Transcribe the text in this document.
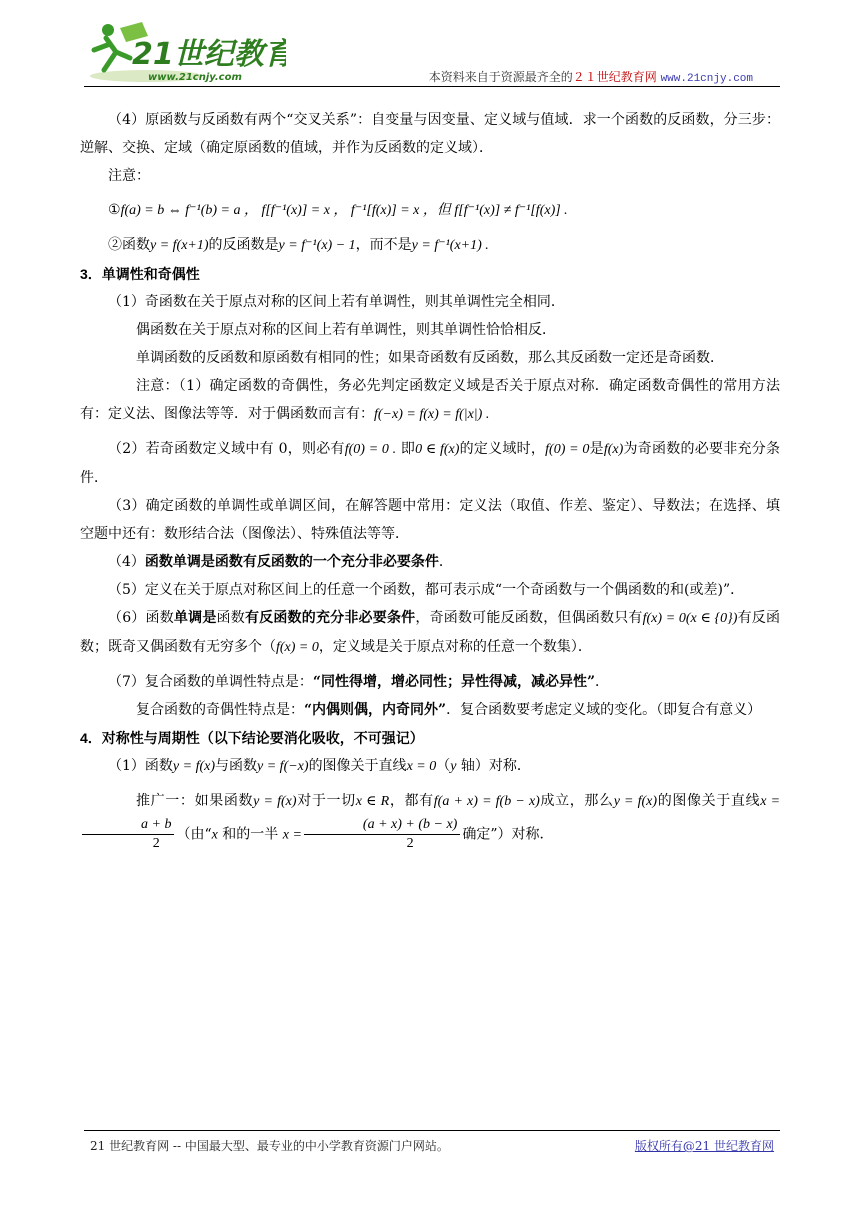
21世纪教育
www.21cnjy.com	本资料来自于资源最齐全的２１世纪教育网 www.21cnjy.com

（4）原函数与反函数有两个“交叉关系”：自变量与因变量、定义域与值域．求一个函数的反函数，分三步：逆解、交换、定域（确定原函数的值域，并作为反函数的定义域）．

注意：

①f(a) = b ⇔ f⁻¹(b) = a ， f[f⁻¹(x)] = x ， f⁻¹[f(x)] = x ，但 f[f⁻¹(x)] ≠ f⁻¹[f(x)] .

②函数y = f(x+1)的反函数是y = f⁻¹(x) − 1，而不是y = f⁻¹(x+1) .

3．单调性和奇偶性

（1）奇函数在关于原点对称的区间上若有单调性，则其单调性完全相同．

偶函数在关于原点对称的区间上若有单调性，则其单调性恰恰相反．

单调函数的反函数和原函数有相同的性；如果奇函数有反函数，那么其反函数一定还是奇函数．

注意：（1）确定函数的奇偶性，务必先判定函数定义域是否关于原点对称．确定函数奇偶性的常用方法有：定义法、图像法等等．对于偶函数而言有：f(−x) = f(x) = f(|x|) .

（2）若奇函数定义域中有 0，则必有f(0) = 0 . 即0 ∈ f(x)的定义域时，f(0) = 0是f(x)为奇函数的必要非充分条件．

（3）确定函数的单调性或单调区间，在解答题中常用：定义法（取值、作差、鉴定）、导数法；在选择、填空题中还有：数形结合法（图像法）、特殊值法等等．

（4）函数单调是函数有反函数的一个充分非必要条件．

（5）定义在关于原点对称区间上的任意一个函数，都可表示成“一个奇函数与一个偶函数的和(或差)”．

（6）函数单调是函数有反函数的充分非必要条件，奇函数可能反函数，但偶函数只有f(x) = 0(x ∈ {0})有反函数；既奇又偶函数有无穷多个（f(x) = 0，定义域是关于原点对称的任意一个数集）．

（7）复合函数的单调性特点是：“同性得增，增必同性；异性得减，减必异性”．

复合函数的奇偶性特点是：“内偶则偶，内奇同外”．复合函数要考虑定义域的变化。（即复合有意义）

4．对称性与周期性（以下结论要消化吸收，不可强记）

（1）函数y = f(x)与函数y = f(−x)的图像关于直线x = 0（y 轴）对称．

推广一：如果函数y = f(x)对于一切x ∈ R，都有f(a + x) = f(b − x)成立，那么y = f(x)的图像关于直线x =
$\frac{a + b}{2}$ （由“x 和的一半 $x = \frac{(a + x) + (b - x)}{2}$ 确定”）对称．

21 世纪教育网 -- 中国最大型、最专业的中小学教育资源门户网站。	版权所有@21 世纪教育网
